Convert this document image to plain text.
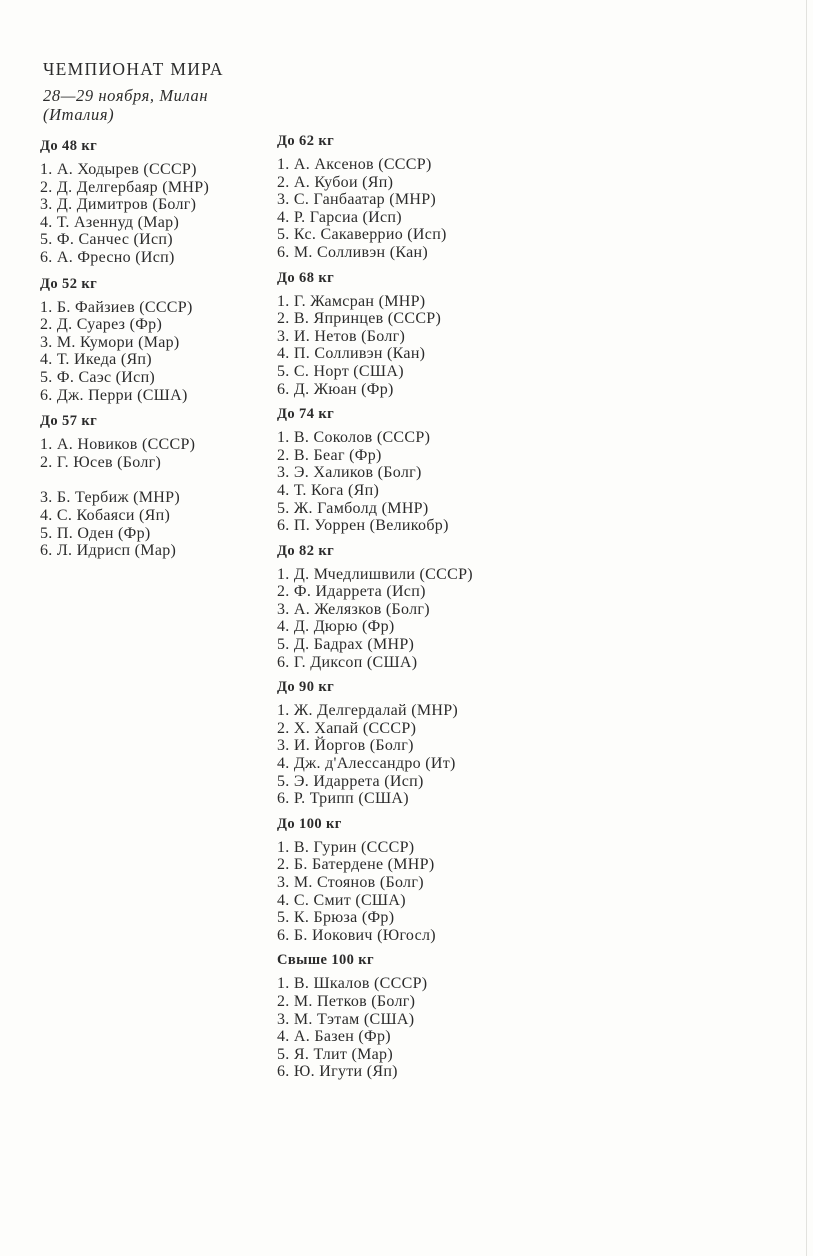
ЧЕМПИОНАТ МИРА
28—29 ноября, Милан (Италия)
До 48 кг
1. А. Ходырев (СССР)
2. Д. Делгербаяр (МНР)
3. Д. Димитров (Болг)
4. Т. Азеннуд (Мар)
5. Ф. Санчес (Исп)
6. А. Фресно (Исп)
До 52 кг
1. Б. Файзиев (СССР)
2. Д. Суарез (Фр)
3. М. Кумори (Мар)
4. Т. Икеда (Яп)
5. Ф. Саэс (Исп)
6. Дж. Перри (США)
До 57 кг
1. А. Новиков (СССР)
2. Г. Юсев (Болг)
3. Б. Тербиж (МНР)
4. С. Кобаяси (Яп)
5. П. Оден (Фр)
6. Л. Идрисп (Мар)
До 62 кг
1. А. Аксенов (СССР)
2. А. Кубои (Яп)
3. С. Ганбаатар (МНР)
4. Р. Гарсиа (Исп)
5. Кс. Сакаверрио (Исп)
6. М. Солливэн (Кан)
До 68 кг
1. Г. Жамсран (МНР)
2. В. Япринцев (СССР)
3. И. Нетов (Болг)
4. П. Солливэн (Кан)
5. С. Норт (США)
6. Д. Жюан (Фр)
До 74 кг
1. В. Соколов (СССР)
2. В. Беаг (Фр)
3. Э. Халиков (Болг)
4. Т. Кога (Яп)
5. Ж. Гамболд (МНР)
6. П. Уоррен (Великобр)
До 82 кг
1. Д. Мчедлишвили (СССР)
2. Ф. Идаррета (Исп)
3. А. Желязков (Болг)
4. Д. Дюрю (Фр)
5. Д. Бадрах (МНР)
6. Г. Диксоп (США)
До 90 кг
1. Ж. Делгердалай (МНР)
2. Х. Хапай (СССР)
3. И. Йоргов (Болг)
4. Дж. д'Алессандро (Ит)
5. Э. Идаррета (Исп)
6. Р. Трипп (США)
До 100 кг
1. В. Гурин (СССР)
2. Б. Батердене (МНР)
3. М. Стоянов (Болг)
4. С. Смит (США)
5. К. Брюза (Фр)
6. Б. Иокович (Югосл)
Свыше 100 кг
1. В. Шкалов (СССР)
2. М. Петков (Болг)
3. М. Тэтам (США)
4. А. Базен (Фр)
5. Я. Тлит (Мар)
6. Ю. Игути (Яп)
